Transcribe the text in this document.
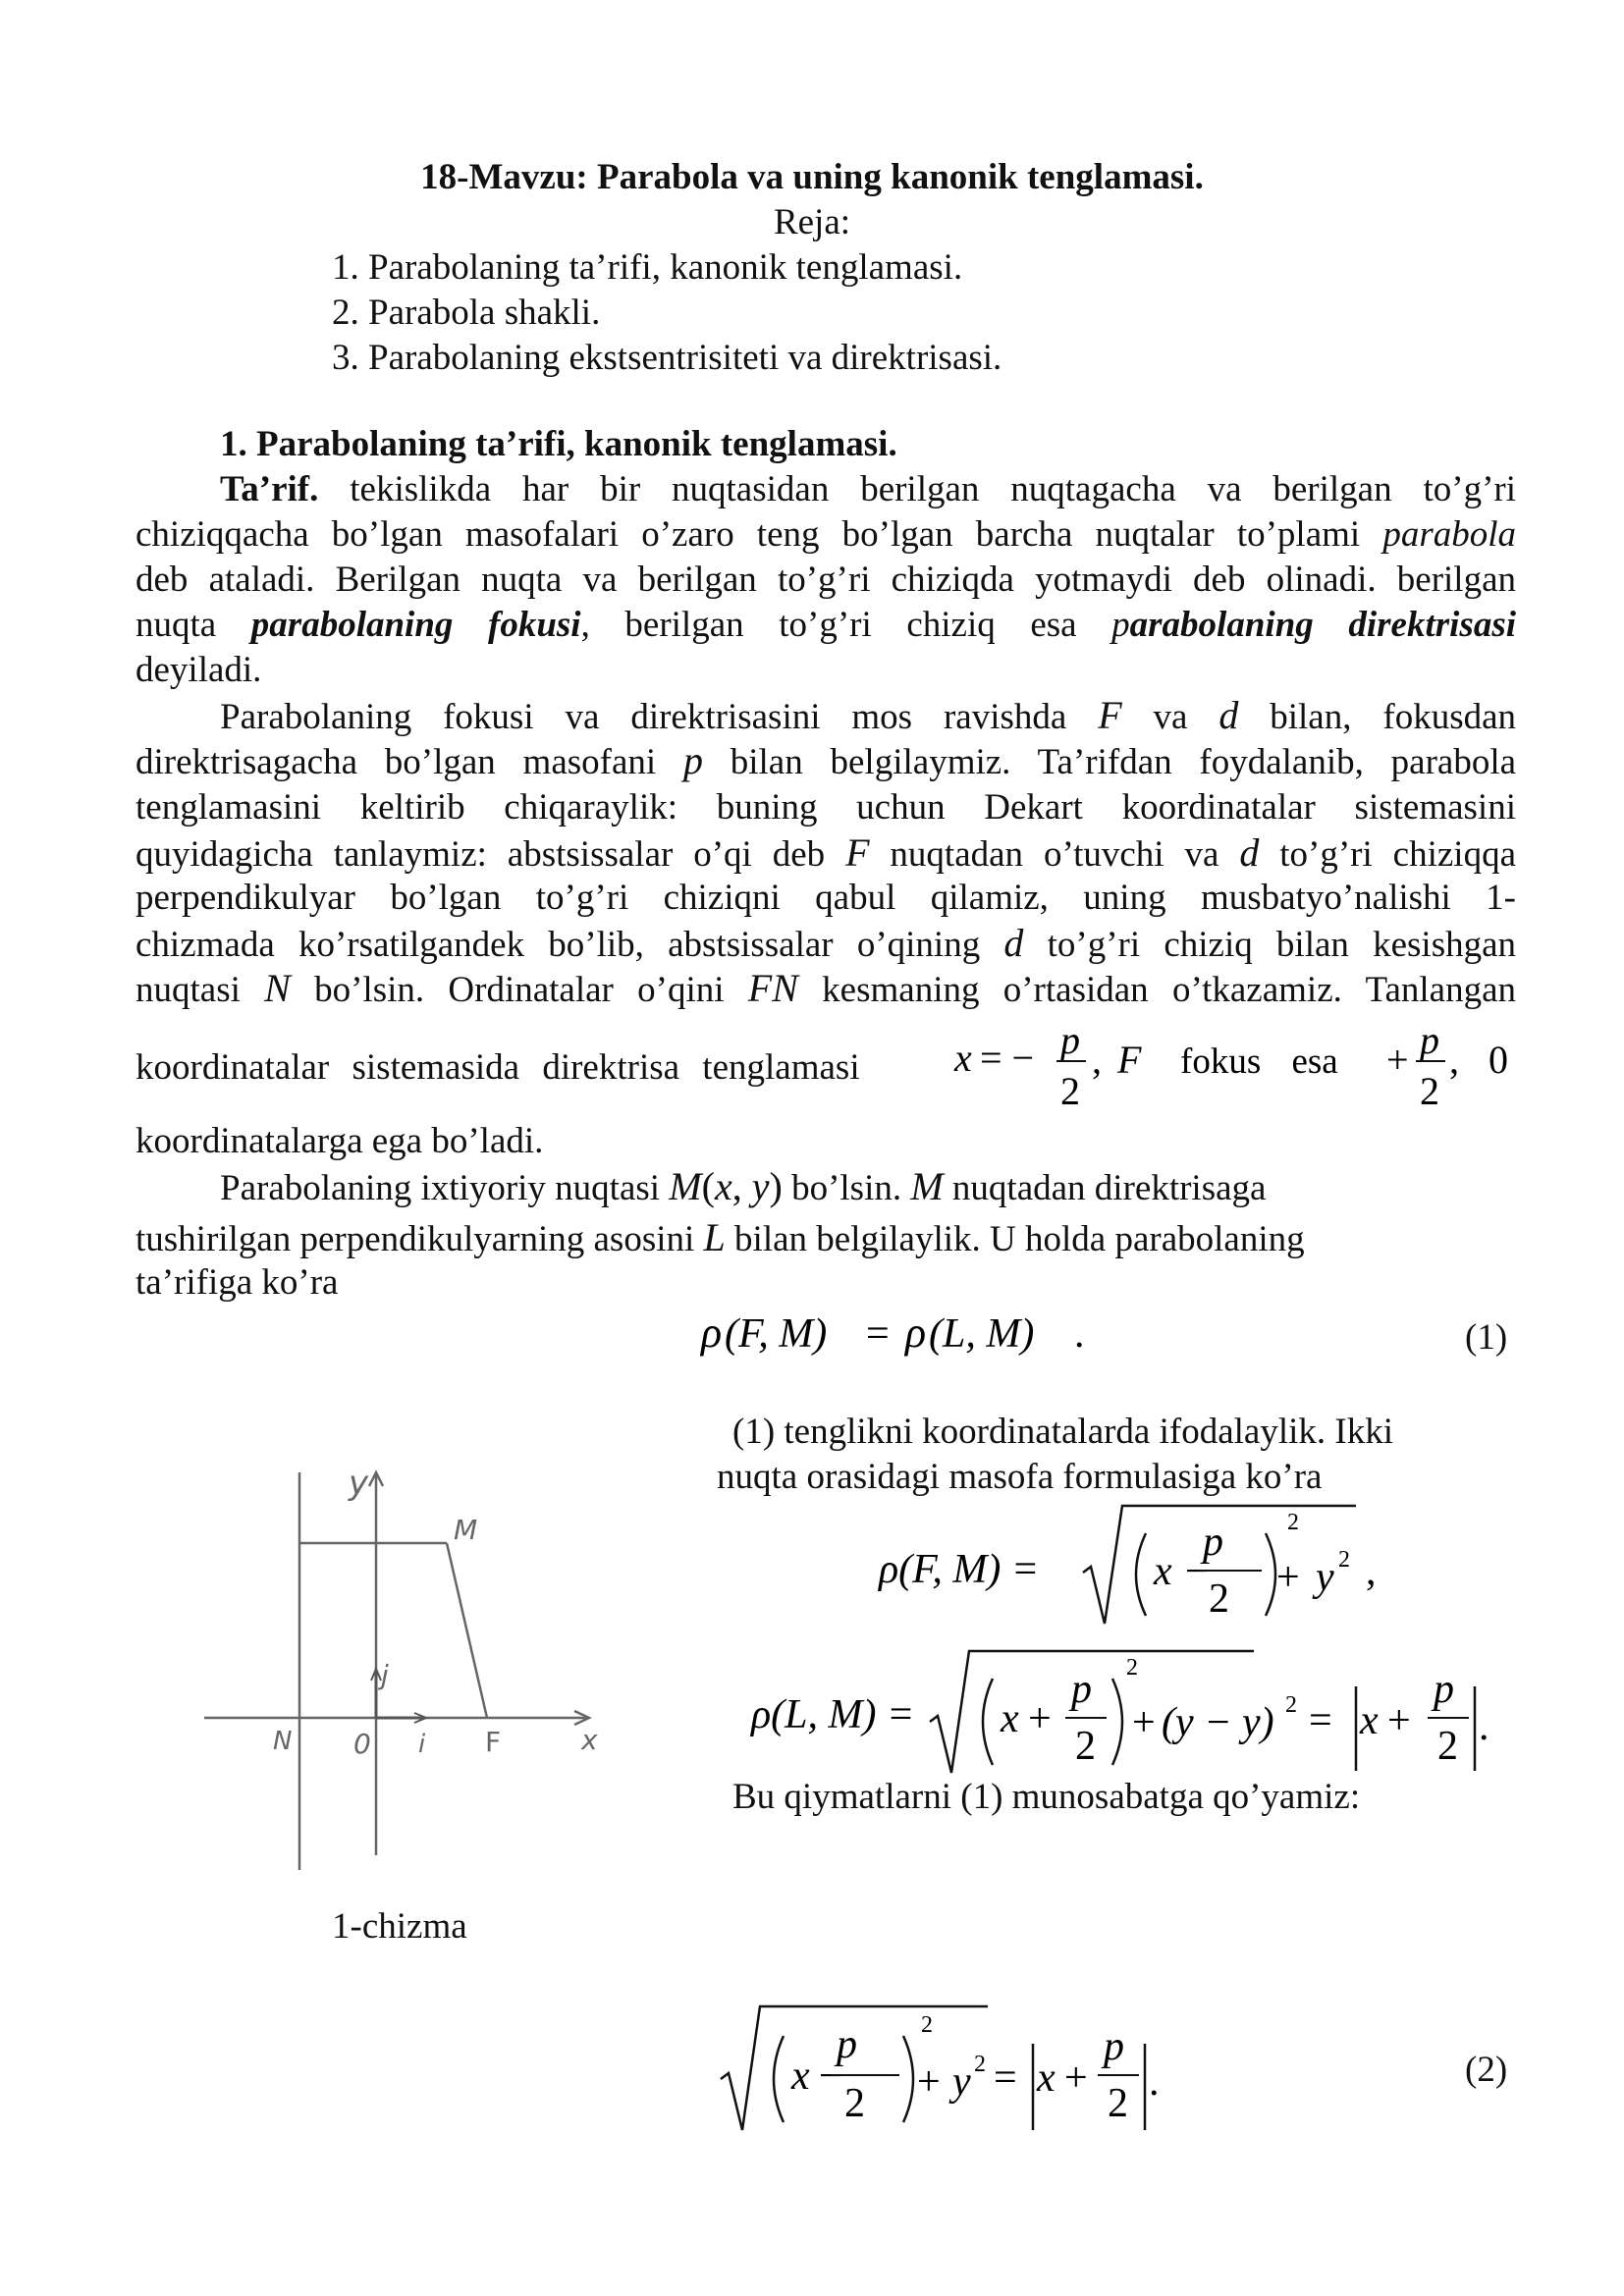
18-Mavzu: Parabola va uning kanonik tenglamasi.
Reja:
1. Parabolaning ta’rifi, kanonik tenglamasi.
2. Parabola shakli.
3. Parabolaning ekstsentrisiteti va direktrisasi.
1. Parabolaning ta’rifi, kanonik tenglamasi.
Ta’rif. tekislikda har bir nuqtasidan berilgan nuqtagacha va berilgan to’g’ri
chiziqqacha bo’lgan masofalari o’zaro teng bo’lgan barcha nuqtalar to’plami parabola
deb ataladi. Berilgan nuqta va berilgan to’g’ri chiziqda yotmaydi deb olinadi. berilgan
nuqta parabolaning fokusi, berilgan to’g’ri chiziq esa parabolaning direktrisasi
deyiladi.
Parabolaning fokusi va direktrisasini mos ravishda F va d bilan, fokusdan
direktrisagacha bo’lgan masofani p bilan belgilaymiz. Ta’rifdan foydalanib, parabola
tenglamasini keltirib chiqaraylik: buning uchun Dekart koordinatalar sistemasini
quyidagicha tanlaymiz: abstsissalar o’qi deb F nuqtadan o’tuvchi va d to’g’ri chiziqqa
perpendikulyar bo’lgan to’g’ri chiziqni qabul qilamiz, uning musbatyo’nalishi 1-
chizmada ko’rsatilgandek bo’lib, abstsissalar o’qining d to’g’ri chiziq bilan kesishgan
nuqtasi N bo’lsin. Ordinatalar o’qini FN kesmaning o’rtasidan o’tkazamiz. Tanlangan
koordinatalar sistemasida direktrisa tenglamasi x = − p
2
, F fokus esa + p
2
, 0
koordinatalarga ega bo’ladi.
Parabolaning ixtiyoriy nuqtasi M(x, y) bo’lsin. M nuqtadan direktrisaga
tushirilgan perpendikulyarning asosini L bilan belgilaylik. U holda parabolaning
ta’rifiga ko’ra
ρ (F, M) = ρ (L, M) .	(1)
(1) tenglikni koordinatalarda ifodalaylik. Ikki
nuqta orasidagi masofa formulasiga ko’ra
ρ(F, M) =	x −
p
2
2
+ y 2 ,
ρ(L, M) = x +
p
2
2
+ (y − y) 2 = x +
p
2 .
Bu qiymatlarni (1) munosabatga qo’yamiz:
y
x
M
j
i
N 0	F
1-chizma
x −
p
2
2
+ y 2 = x +
p
2 .	(2)
